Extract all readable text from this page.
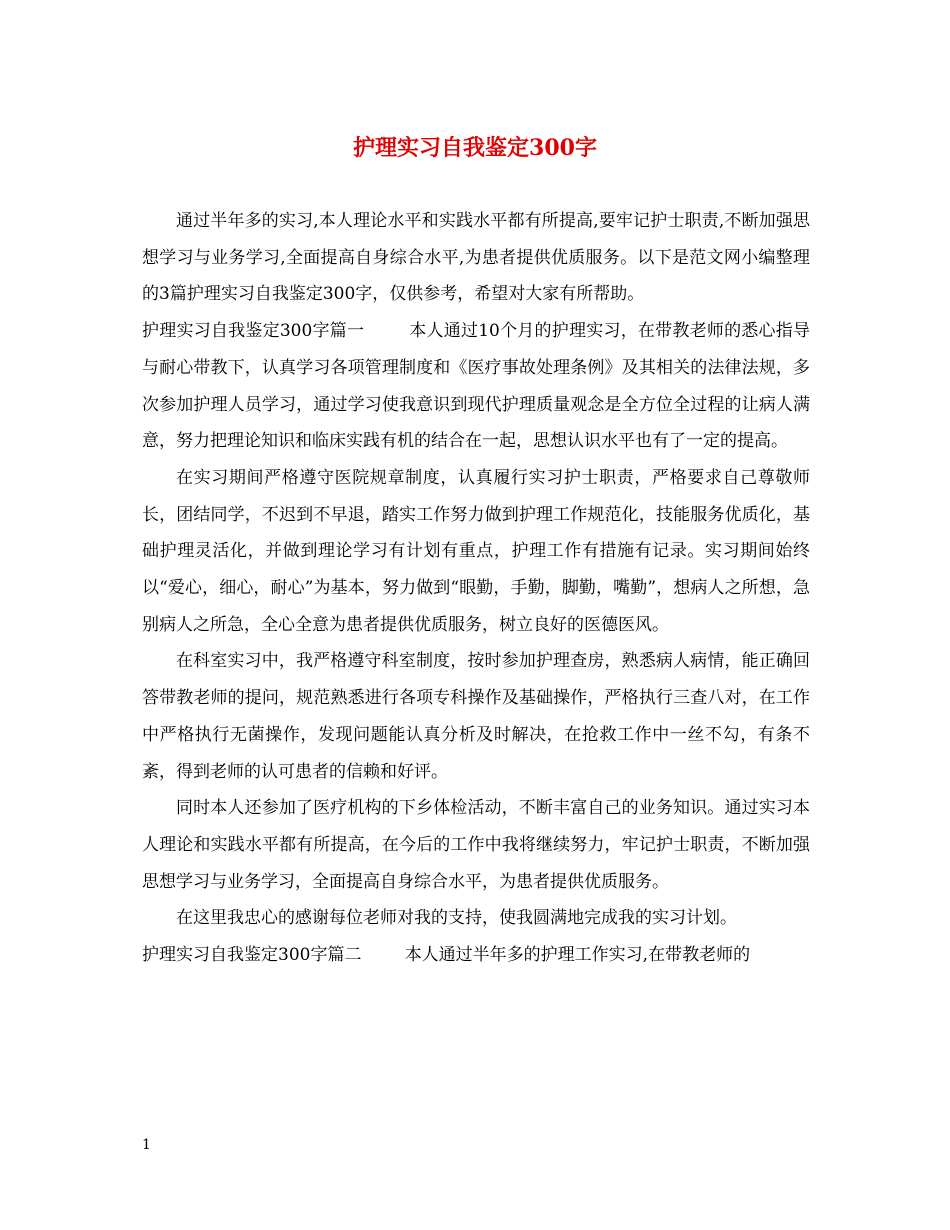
护理实习自我鉴定300字

通过半年多的实习,本人理论水平和实践水平都有所提高,要牢记护士职责,不断加强思想学习与业务学习,全面提高自身综合水平,为患者提供优质服务。以下是范文网小编整理的3篇护理实习自我鉴定300字，仅供参考，希望对大家有所帮助。

护理实习自我鉴定300字篇一	本人通过10个月的护理实习，在带教老师的悉心指导与耐心带教下，认真学习各项管理制度和《医疗事故处理条例》及其相关的法律法规，多次参加护理人员学习，通过学习使我意识到现代护理质量观念是全方位全过程的让病人满意，努力把理论知识和临床实践有机的结合在一起，思想认识水平也有了一定的提高。

在实习期间严格遵守医院规章制度，认真履行实习护士职责，严格要求自己尊敬师长，团结同学，不迟到不早退，踏实工作努力做到护理工作规范化，技能服务优质化，基础护理灵活化，并做到理论学习有计划有重点，护理工作有措施有记录。实习期间始终以“爱心，细心，耐心”为基本，努力做到“眼勤，手勤，脚勤，嘴勤”，想病人之所想，急别病人之所急，全心全意为患者提供优质服务，树立良好的医德医风。

在科室实习中，我严格遵守科室制度，按时参加护理查房，熟悉病人病情，能正确回答带教老师的提问，规范熟悉进行各项专科操作及基础操作，严格执行三查八对，在工作中严格执行无菌操作，发现问题能认真分析及时解决，在抢救工作中一丝不勾，有条不紊，得到老师的认可患者的信赖和好评。

同时本人还参加了医疗机构的下乡体检活动，不断丰富自己的业务知识。通过实习本人理论和实践水平都有所提高，在今后的工作中我将继续努力，牢记护士职责，不断加强思想学习与业务学习，全面提高自身综合水平，为患者提供优质服务。

在这里我忠心的感谢每位老师对我的支持，使我圆满地完成我的实习计划。

护理实习自我鉴定300字篇二	本人通过半年多的护理工作实习,在带教老师的

1
